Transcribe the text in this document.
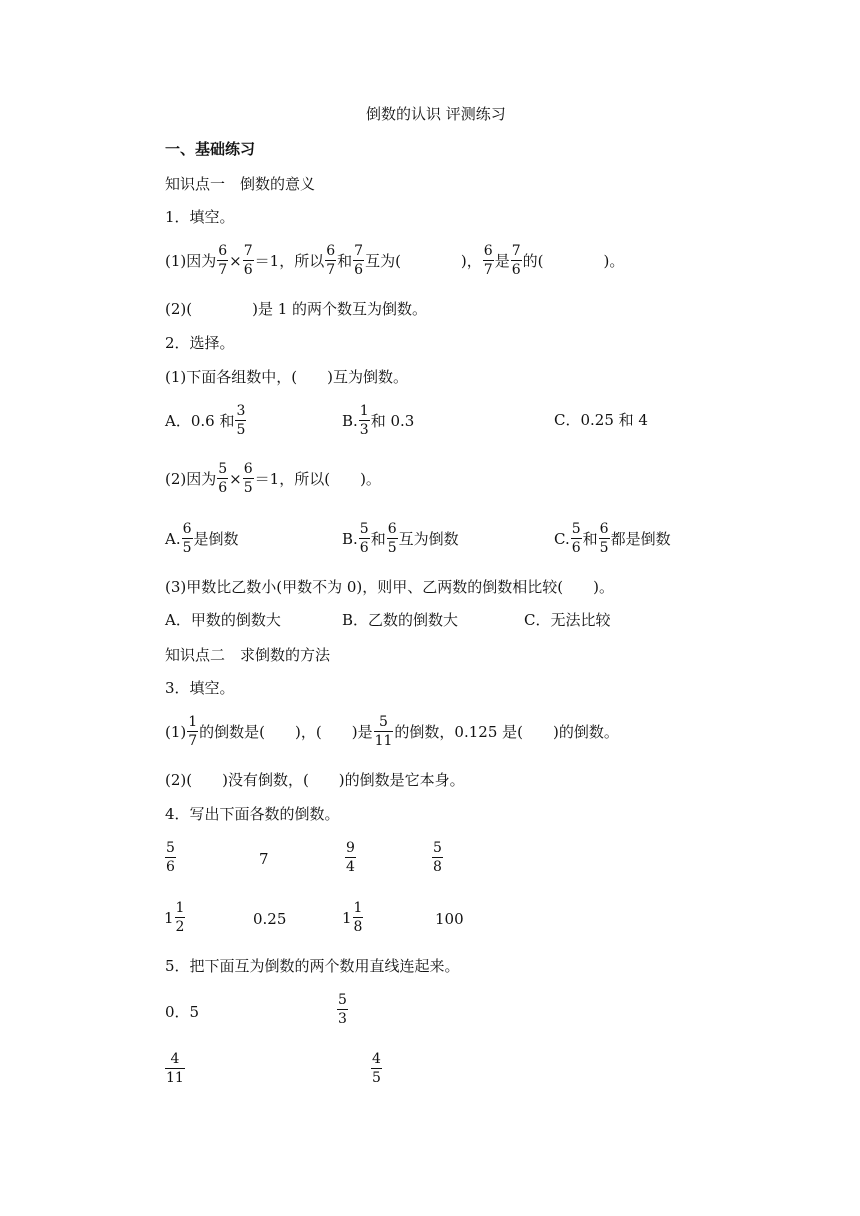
倒数的认识 评测练习
一、基础练习
知识点一　倒数的意义
1．填空。
(1)因为 $\frac{6}{7} \times \frac{7}{6} =1$，所以 $\frac{6}{7}$ 和 $\frac{7}{6}$ 互为(　　　　)， $\frac{6}{7}$ 是 $\frac{7}{6}$ 的(　　　　)。
(2)(　　　　)是 1 的两个数互为倒数。
2．选择。
(1)下面各组数中，(　　)互为倒数。
A．0.6 和 $\frac{3}{5}$	B. $\frac{1}{3}$ 和 0.3	C．0.25 和 4
(2)因为 $\frac{5}{6} \times \frac{6}{5} =1$，所以(　　)。
A. $\frac{6}{5}$ 是倒数	B. $\frac{5}{6}$ 和 $\frac{6}{5}$ 互为倒数	C. $\frac{5}{6}$ 和 $\frac{6}{5}$ 都是倒数
(3)甲数比乙数小(甲数不为 0)，则甲、乙两数的倒数相比较(　　)。
A．甲数的倒数大	B．乙数的倒数大	C．无法比较
知识点二　求倒数的方法
3．填空。
$(1) \frac{1}{7}$ 的倒数是(　　)，(　　)是 $\frac{5}{11}$ 的倒数，0.125 是(　　)的倒数。
(2)(　　)没有倒数，(　　)的倒数是它本身。
4．写出下面各数的倒数。
$\frac{5}{6}$	7	$\frac{9}{4}$	$\frac{5}{8}$
$1 \frac{1}{2}$	0.25	$1 \frac{1}{8}$	100
5．把下面互为倒数的两个数用直线连起来。
0．5	$\frac{5}{3}$
$\frac{4}{11}$	$\frac{4}{5}$
